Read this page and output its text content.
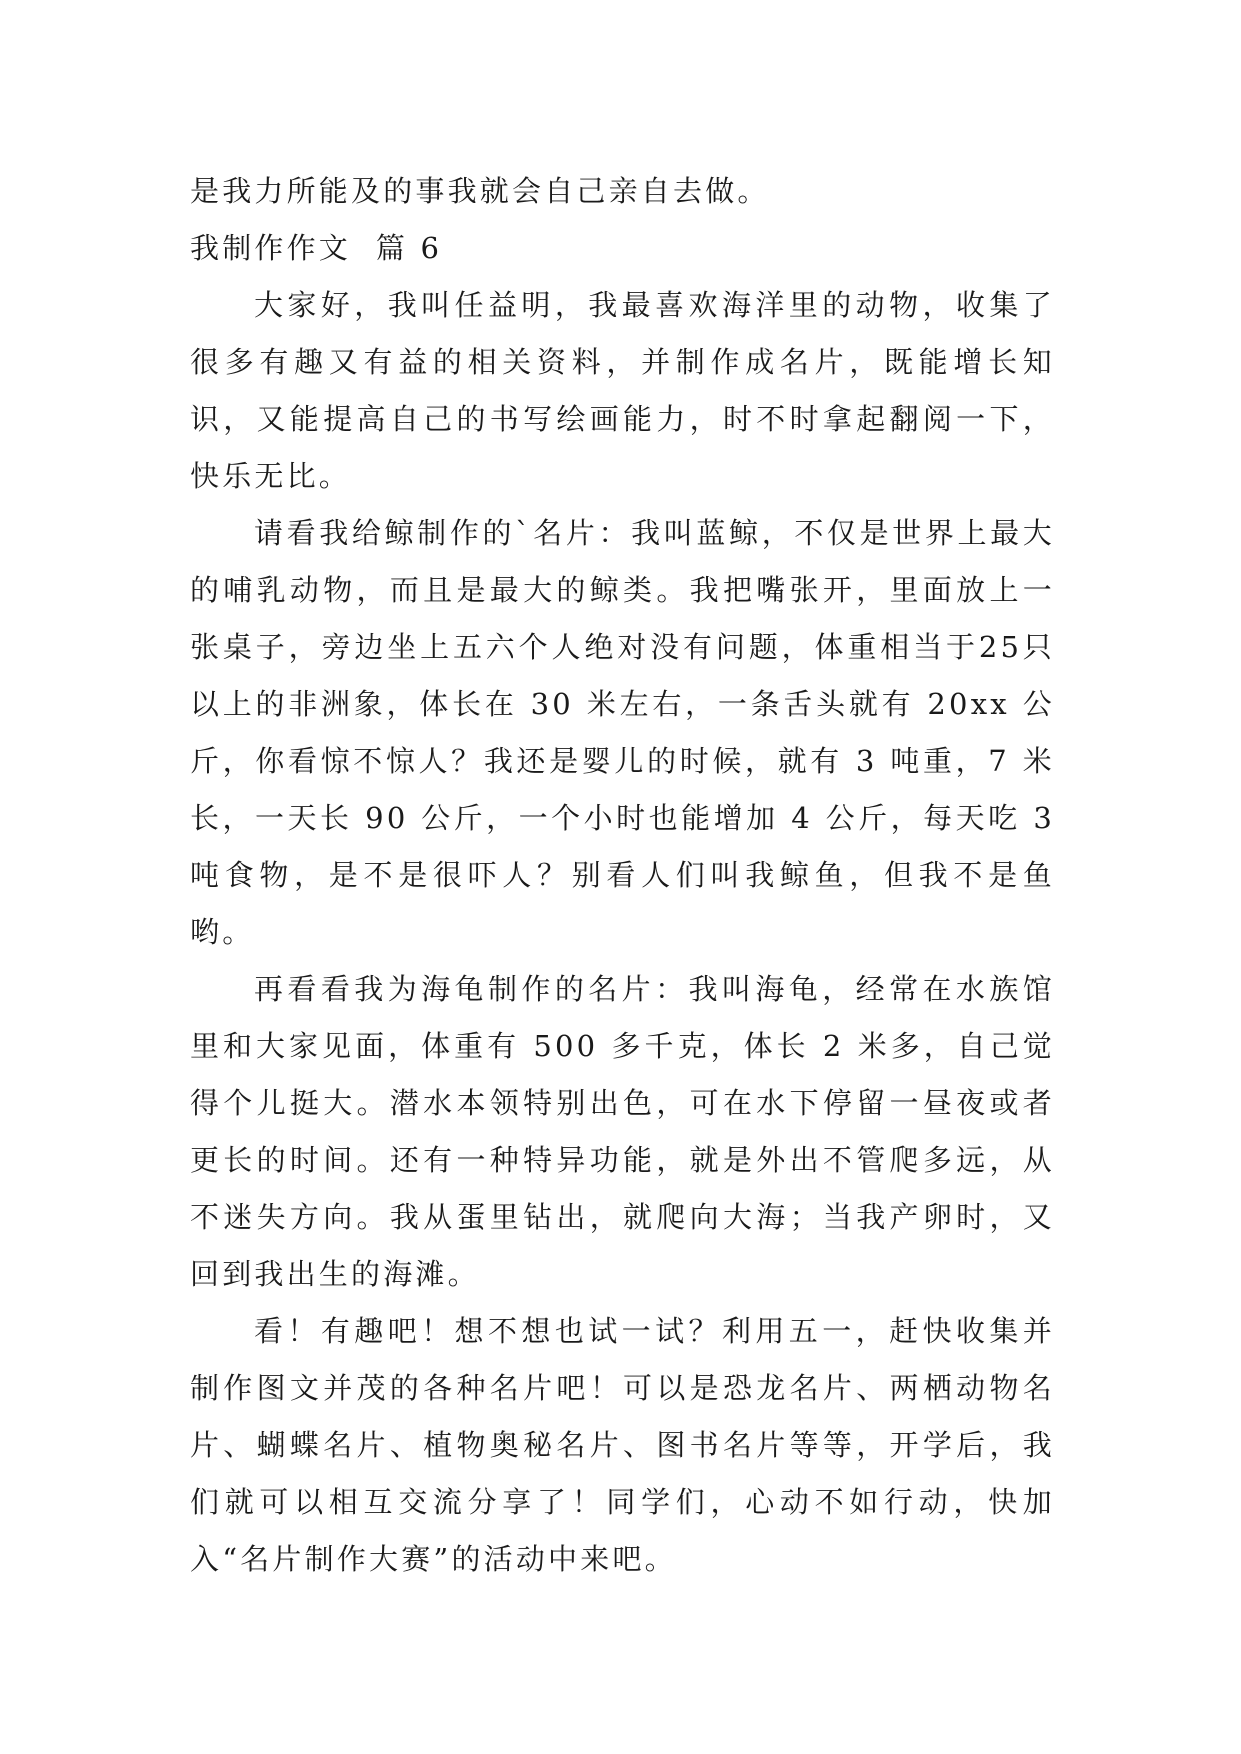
是我力所能及的事我就会自己亲自去做。

我制作作文  篇 6

大家好，我叫任益明，我最喜欢海洋里的动物，收集了很多有趣又有益的相关资料，并制作成名片，既能增长知识，又能提高自己的书写绘画能力，时不时拿起翻阅一下，快乐无比。

请看我给鲸制作的`名片：我叫蓝鲸，不仅是世界上最大的哺乳动物，而且是最大的鲸类。我把嘴张开，里面放上一张桌子，旁边坐上五六个人绝对没有问题，体重相当于25只以上的非洲象，体长在 30 米左右，一条舌头就有 20xx 公斤，你看惊不惊人？我还是婴儿的时候，就有 3 吨重，7 米长，一天长 90 公斤，一个小时也能增加 4 公斤，每天吃 3 吨食物，是不是很吓人？别看人们叫我鲸鱼，但我不是鱼哟。

再看看我为海龟制作的名片：我叫海龟，经常在水族馆里和大家见面，体重有 500 多千克，体长 2 米多，自己觉得个儿挺大。潜水本领特别出色，可在水下停留一昼夜或者更长的时间。还有一种特异功能，就是外出不管爬多远，从不迷失方向。我从蛋里钻出，就爬向大海；当我产卵时，又回到我出生的海滩。

看！有趣吧！想不想也试一试？利用五一，赶快收集并制作图文并茂的各种名片吧！可以是恐龙名片、两栖动物名片、蝴蝶名片、植物奥秘名片、图书名片等等，开学后，我们就可以相互交流分享了！同学们，心动不如行动，快加入“名片制作大赛”的活动中来吧。
